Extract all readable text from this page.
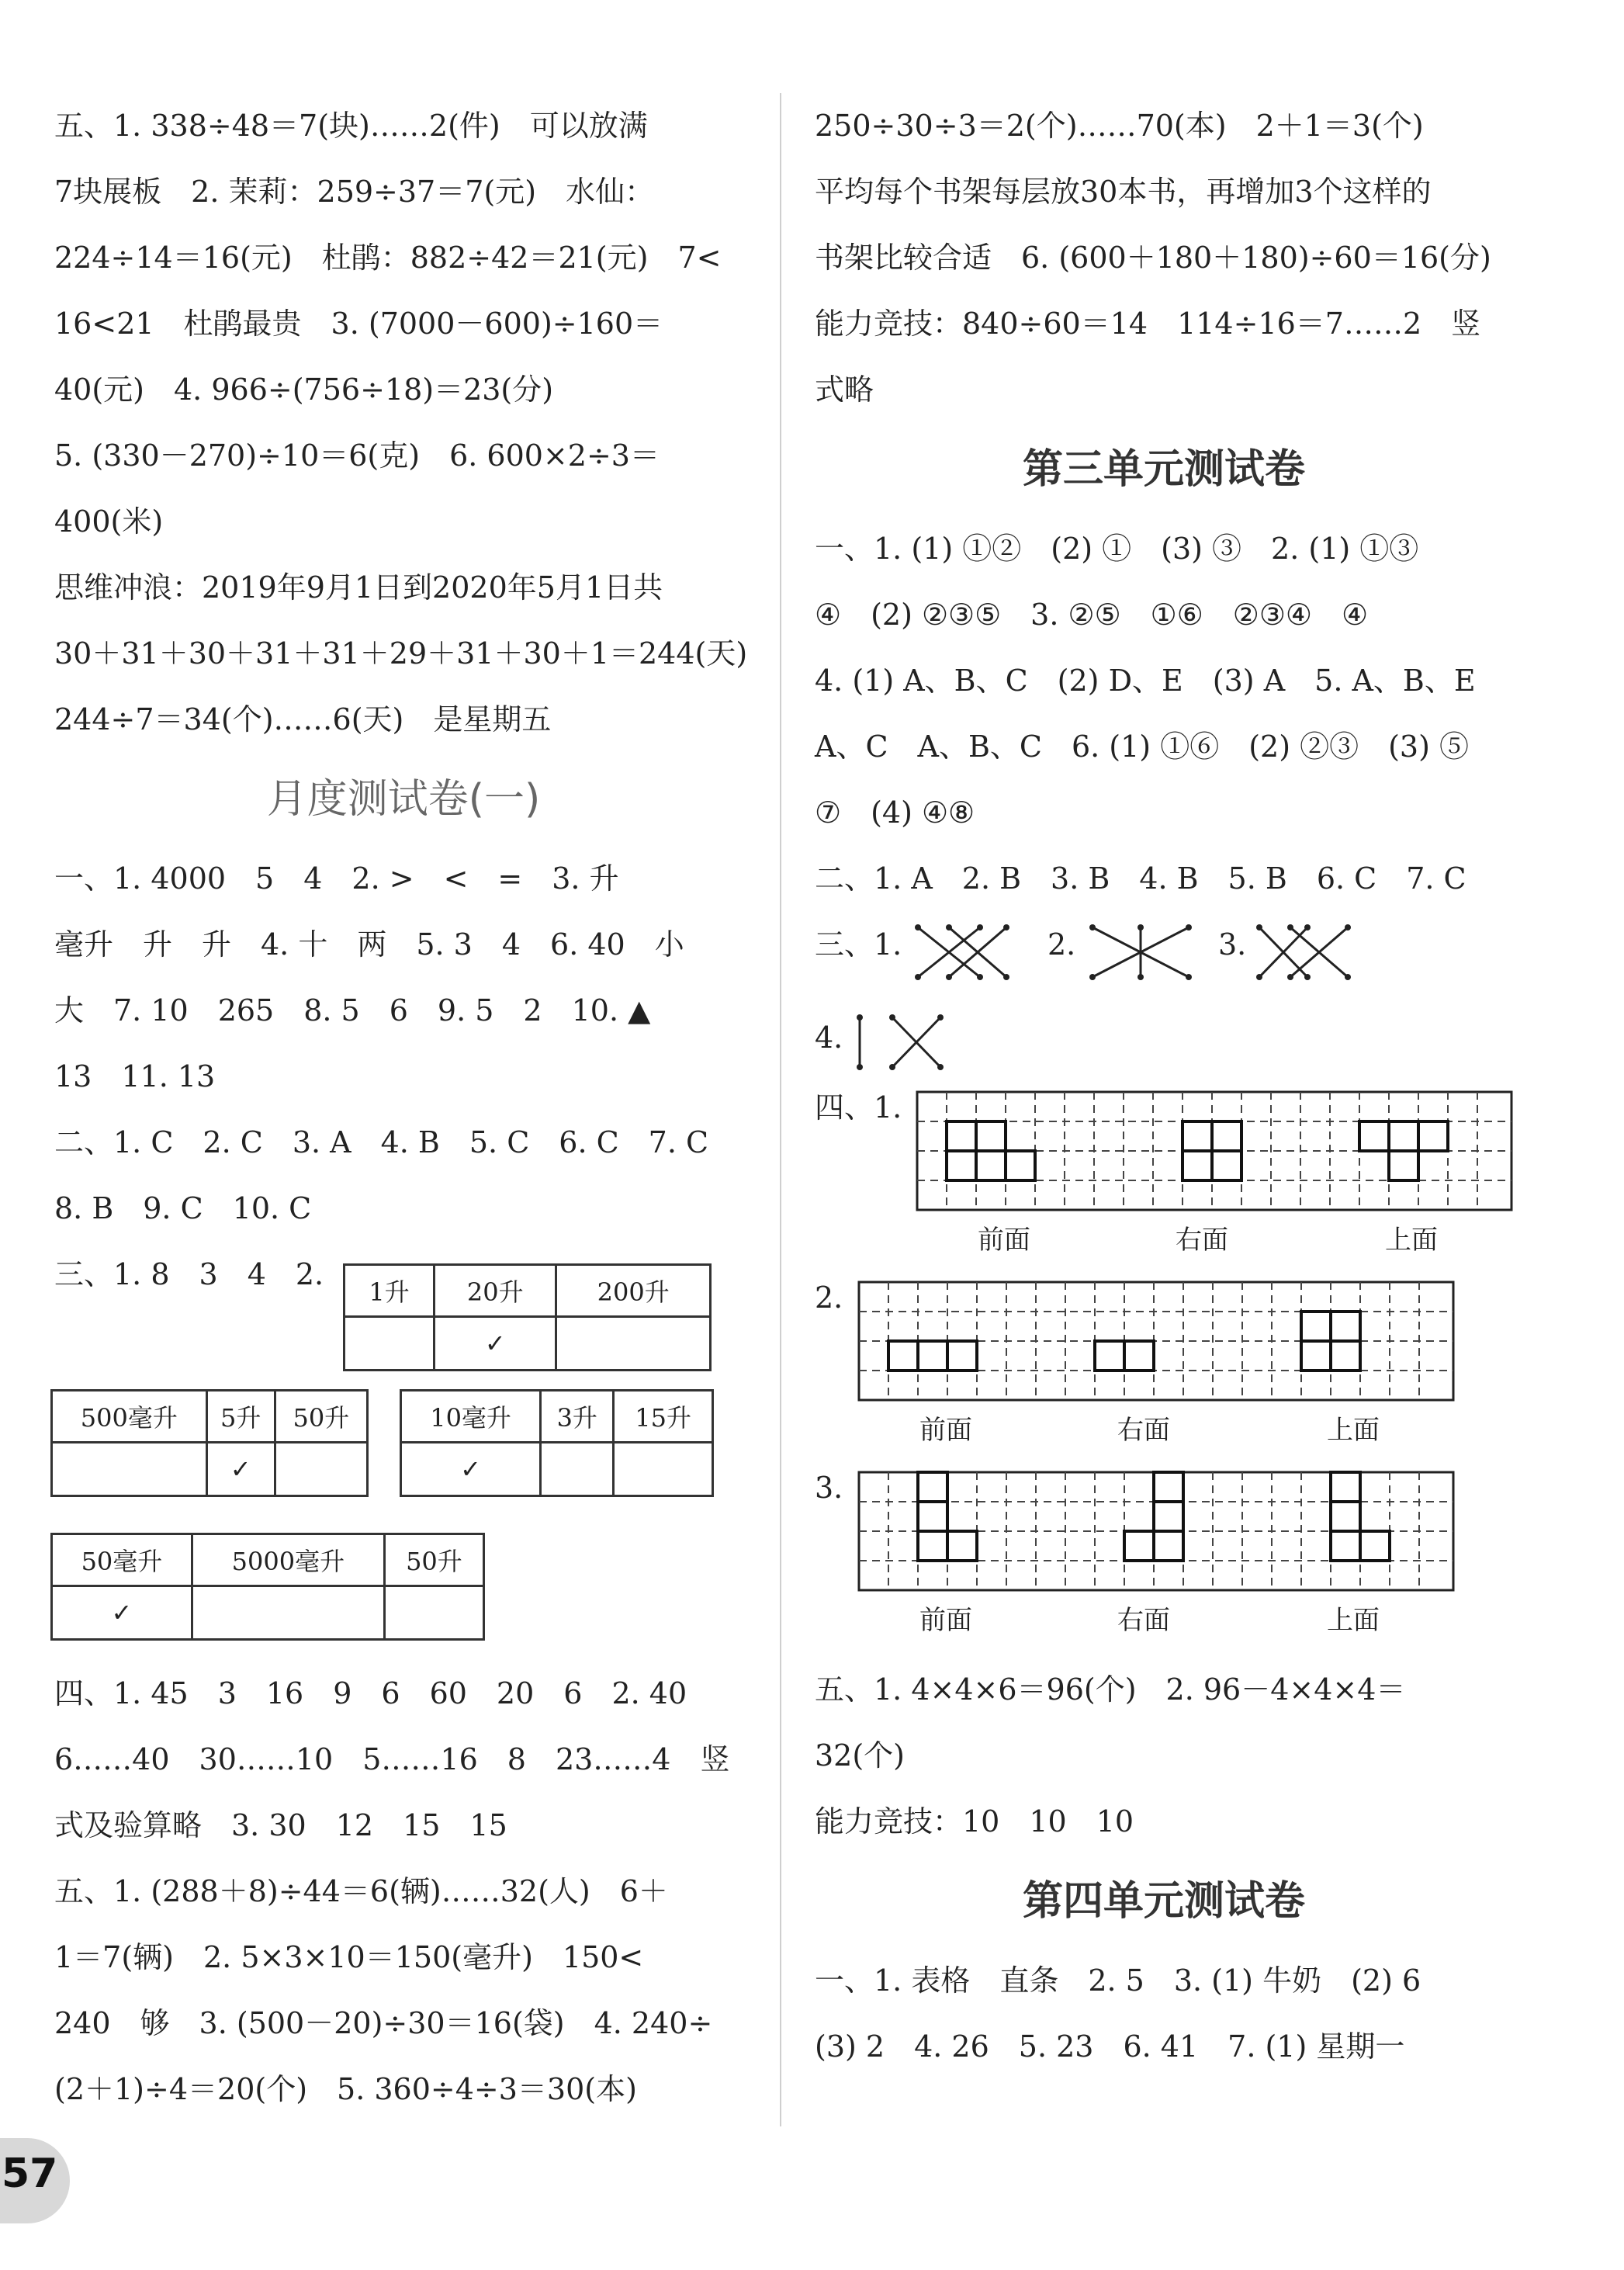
五、1. 338÷48＝7(块)……2(件)　可以放满
7块展板　2. 茉莉：259÷37＝7(元)　水仙：
224÷14＝16(元)　杜鹃：882÷42＝21(元)　7<
16<21　杜鹃最贵　3. (7000－600)÷160＝
40(元)　4. 966÷(756÷18)＝23(分)
5. (330－270)÷10＝6(克)　6. 600×2÷3＝
400(米)
思维冲浪：2019年9月1日到2020年5月1日共
30＋31＋30＋31＋31＋29＋31＋30＋1＝244(天)
244÷7＝34(个)……6(天)　是星期五
月度测试卷(一)
一、1. 4000　5　4　2. >　<　=　3. 升
毫升　升　升　4. 十　两　5. 3　4　6. 40　小
大　7. 10　265　8. 5　6　9. 5　2　10. ▲
13　11. 13
二、1. C　2. C　3. A　4. B　5. C　6. C　7. C
8. B　9. C　10. C
三、1. 8　3　4　2.
1升	20升	200升
	✓	
500毫升	5升	50升
	✓	
10毫升	3升	15升
✓		
50毫升	5000毫升	50升
✓		
四、1. 45　3　16　9　6　60　20　6　2. 40
6……40　30……10　5……16　8　23……4　竖
式及验算略　3. 30　12　15　15
五、1. (288＋8)÷44＝6(辆)……32(人)　6＋
1＝7(辆)　2. 5×3×10＝150(毫升)　150<
240　够　3. (500－20)÷30＝16(袋)　4. 240÷
(2＋1)÷4＝20(个)　5. 360÷4÷3＝30(本)
250÷30÷3＝2(个)……70(本)　2＋1＝3(个)
平均每个书架每层放30本书，再增加3个这样的
书架比较合适　6. (600＋180＋180)÷60＝16(分)
能力竞技：840÷60＝14　114÷16＝7……2　竖
式略
第三单元测试卷
一、1. (1) ①②　(2) ①　(3) ③　2. (1) ①③
④　(2) ②③⑤　3. ②⑤　①⑥　②③④　④
4. (1) A、B、C　(2) D、E　(3) A　5. A、B、E
A、C　A、B、C　6. (1) ①⑥　(2) ②③　(3) ⑤
⑦　(4) ④⑧
二、1. A　2. B　3. B　4. B　5. B　6. C　7. C
三、1.	2.	3.
4.
四、1.
前面	右面	上面
2.
前面	右面	上面
3.
前面	右面	上面
五、1. 4×4×6＝96(个)　2. 96－4×4×4＝
32(个)
能力竞技：10　10　10
第四单元测试卷
一、1. 表格　直条　2. 5　3. (1) 牛奶　(2) 6
(3) 2　4. 26　5. 23　6. 41　7. (1) 星期一
57
